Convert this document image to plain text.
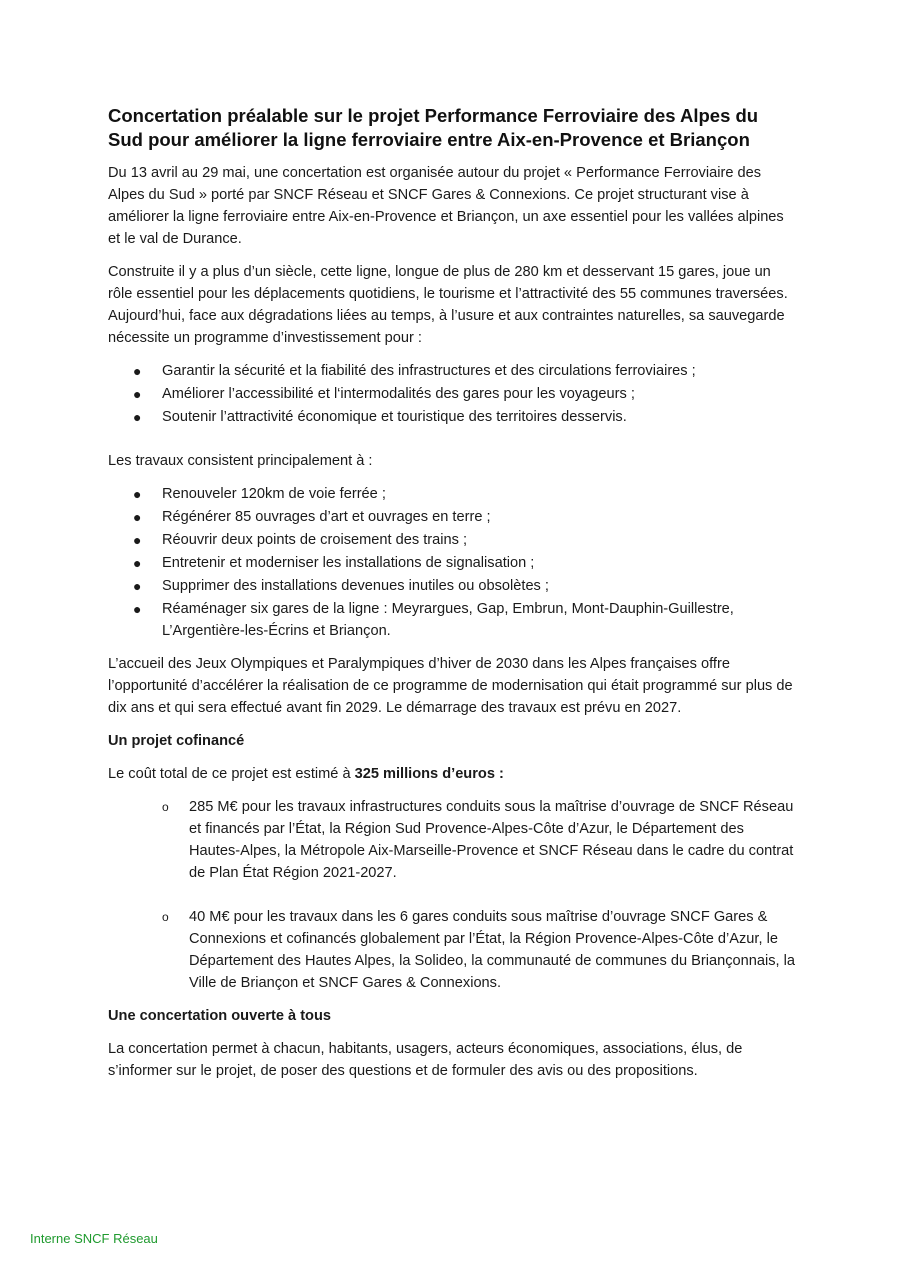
Concertation préalable sur le projet Performance Ferroviaire des Alpes du Sud pour améliorer la ligne ferroviaire entre Aix-en-Provence et Briançon

Du 13 avril au 29 mai, une concertation est organisée autour du projet « Performance Ferroviaire des Alpes du Sud » porté par SNCF Réseau et SNCF Gares & Connexions. Ce projet structurant vise à améliorer la ligne ferroviaire entre Aix-en-Provence et Briançon, un axe essentiel pour les vallées alpines et le val de Durance.

Construite il y a plus d’un siècle, cette ligne, longue de plus de 280 km et desservant 15 gares, joue un rôle essentiel pour les déplacements quotidiens, le tourisme et l’attractivité des 55 communes traversées. Aujourd’hui, face aux dégradations liées au temps, à l’usure et aux contraintes naturelles, sa sauvegarde nécessite un programme d’investissement pour :

● Garantir la sécurité et la fiabilité des infrastructures et des circulations ferroviaires ;
● Améliorer l’accessibilité et l‘intermodalités des gares pour les voyageurs ;
● Soutenir l’attractivité économique et touristique des territoires desservis.

Les travaux consistent principalement à :

● Renouveler 120km de voie ferrée ;
● Régénérer 85 ouvrages d’art et ouvrages en terre ;
● Réouvrir deux points de croisement des trains ;
● Entretenir et moderniser les installations de signalisation ;
● Supprimer des installations devenues inutiles ou obsolètes ;
● Réaménager six gares de la ligne : Meyrargues, Gap, Embrun, Mont-Dauphin-Guillestre, L’Argentière-les-Écrins et Briançon.

L’accueil des Jeux Olympiques et Paralympiques d’hiver de 2030 dans les Alpes françaises offre l’opportunité d’accélérer la réalisation de ce programme de modernisation qui était programmé sur plus de dix ans et qui sera effectué avant fin 2029. Le démarrage des travaux est prévu en 2027.

Un projet cofinancé

Le coût total de ce projet est estimé à 325 millions d’euros :

o 285 M€ pour les travaux infrastructures conduits sous la maîtrise d’ouvrage de SNCF Réseau et financés par l’État, la Région Sud Provence-Alpes-Côte d’Azur, le Département des Hautes-Alpes, la Métropole Aix-Marseille-Provence et SNCF Réseau dans le cadre du contrat de Plan État Région 2021-2027.
o 40 M€ pour les travaux dans les 6 gares conduits sous maîtrise d’ouvrage SNCF Gares & Connexions et cofinancés globalement par l’État, la Région Provence-Alpes-Côte d’Azur, le Département des Hautes Alpes, la Solideo, la communauté de communes du Briançonnais, la Ville de Briançon et SNCF Gares & Connexions.

Une concertation ouverte à tous

La concertation permet à chacun, habitants, usagers, acteurs économiques, associations, élus, de s’informer sur le projet, de poser des questions et de formuler des avis ou des propositions.

Interne SNCF Réseau
